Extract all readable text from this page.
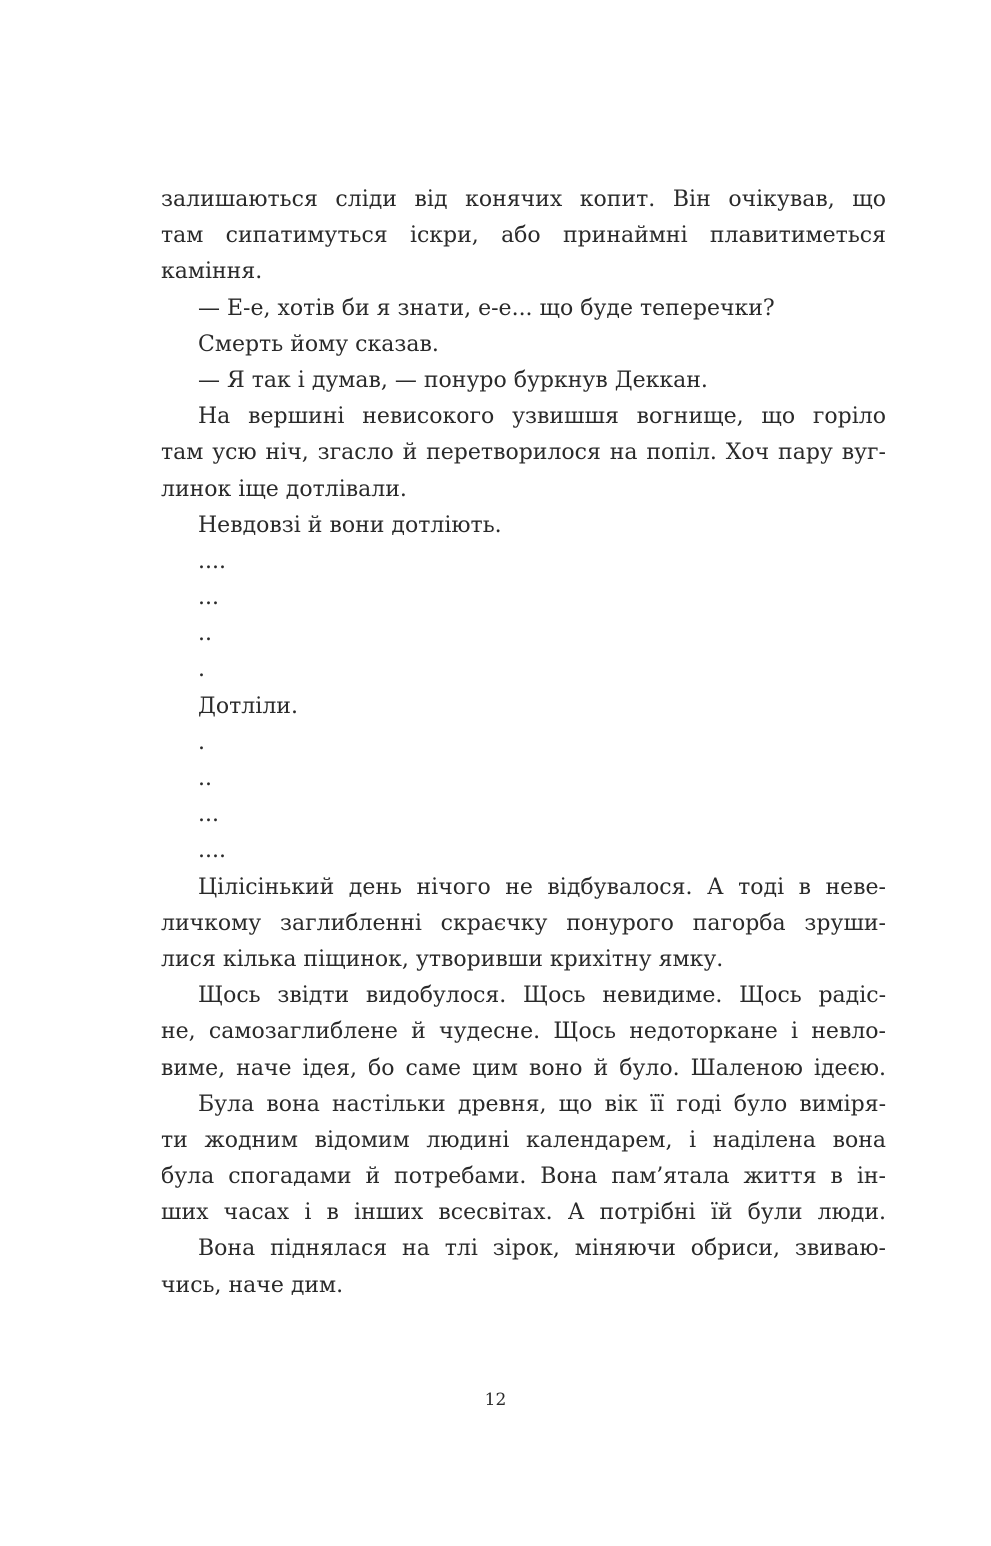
залишаються сліди від конячих копит. Він очікував, що
там сипатимуться іскри, або принаймні плавитиметься
каміння.
— Е-е, хотів би я знати, е-е... що буде теперечки?
Смерть йому сказав.
— Я так і думав, — понуро буркнув Деккан.
На вершині невисокого узвишшя вогнище, що горіло
там усю ніч, згасло й перетворилося на попіл. Хоч пару вуг-
линок іще дотлівали.
Невдовзі й вони дотліють.
....
...
..
.
Дотліли.
.
..
...
....
Цілісінький день нічого не відбувалося. А тоді в неве-
личкому заглибленні скраєчку понурого пагорба зруши-
лися кілька піщинок, утворивши крихітну ямку.
Щось звідти видобулося. Щось невидиме. Щось радіс-
не, самозаглиблене й чудесне. Щось недоторкане і невло-
виме, наче ідея, бо саме цим воно й було. Шаленою ідеєю.
Була вона настільки древня, що вік її годі було виміря-
ти жодним відомим людині календарем, і наділена вона
була спогадами й потребами. Вона пам’ятала життя в ін-
ших часах і в інших всесвітах. А потрібні їй були люди.
Вона піднялася на тлі зірок, міняючи обриси, звиваю-
чись, наче дим.
12
